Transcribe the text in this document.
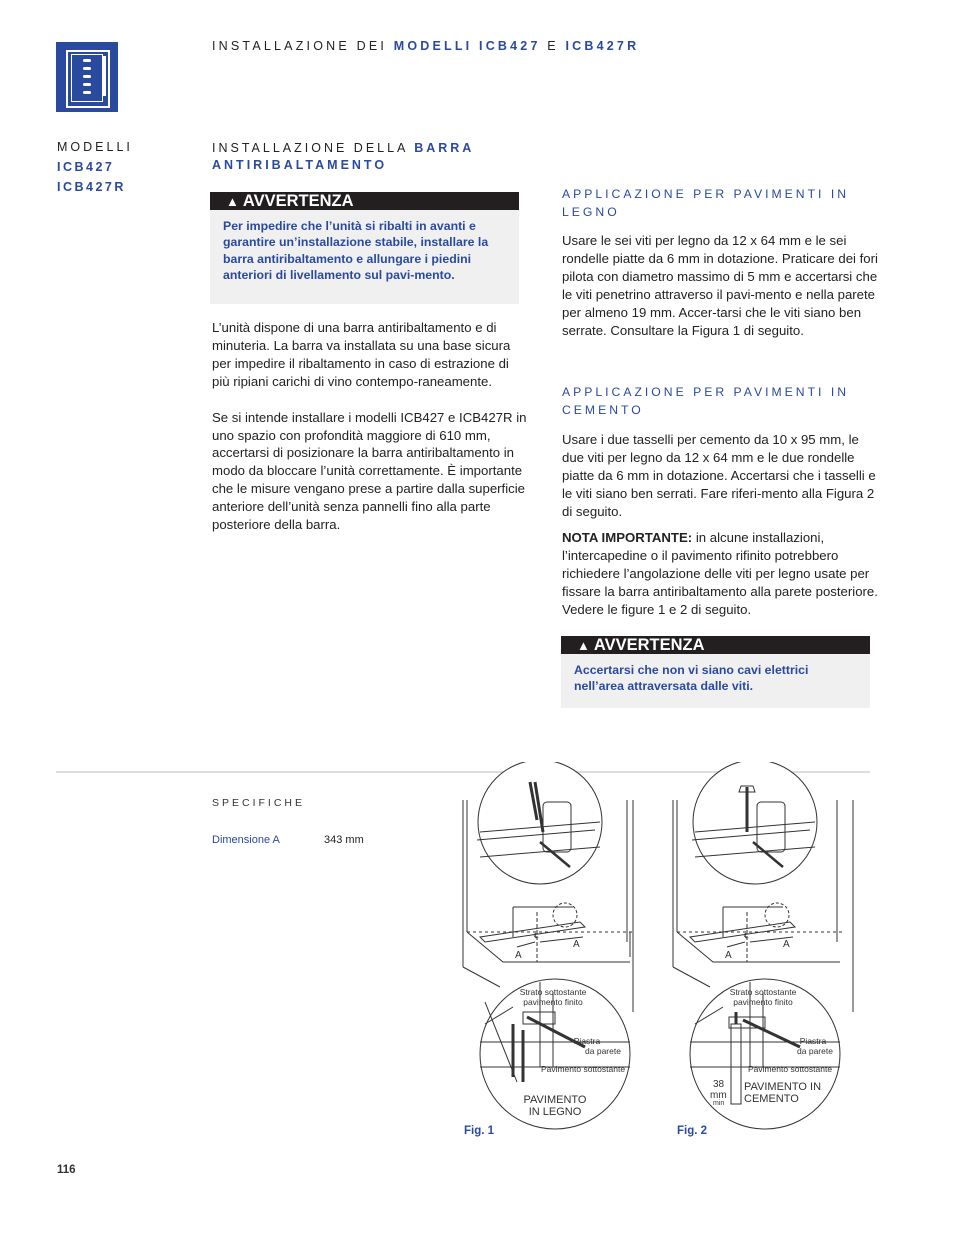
INSTALLAZIONE DEI MODELLI ICB427 E ICB427R
MODELLI
ICB427
ICB427R
INSTALLAZIONE DELLA BARRA
ANTIRIBALTAMENTO
▲ AVVERTENZA
Per impedire che l’unità si ribalti in avanti e garantire un’installazione stabile, installare la barra antiribaltamento e allungare i piedini anteriori di livellamento sul pavi-mento.

L’unità dispone di una barra antiribaltamento e di minuteria. La barra va installata su una base sicura per impedire il ribaltamento in caso di estrazione di più ripiani carichi di vino contempo-raneamente.

Se si intende installare i modelli ICB427 e ICB427R in uno spazio con profondità maggiore di 610 mm, accertarsi di posizionare la barra antiribaltamento in modo da bloccare l’unità correttamente. È importante che le misure vengano prese a partire dalla superficie anteriore dell’unità senza pannelli fino alla parte posteriore della barra.

APPLICAZIONE PER PAVIMENTI IN LEGNO
Usare le sei viti per legno da 12 x 64 mm e le sei rondelle piatte da 6 mm in dotazione. Praticare dei fori pilota con diametro massimo di 5 mm e accertarsi che le viti penetrino attraverso il pavi-mento e nella parete per almeno 19 mm. Accer-tarsi che le viti siano ben serrate. Consultare la Figura 1 di seguito.
APPLICAZIONE PER PAVIMENTI IN CEMENTO
Usare i due tasselli per cemento da 10 x 95 mm, le due viti per legno da 12 x 64 mm e le due rondelle piatte da 6 mm in dotazione. Accertarsi che i tasselli e le viti siano ben serrati. Fare riferi-mento alla Figura 2 di seguito.
NOTA IMPORTANTE: in alcune installazioni, l’intercapedine o il pavimento rifinito potrebbero richiedere l’angolazione delle viti per legno usate per fissare la barra antiribaltamento alla parete posteriore. Vedere le figure 1 e 2 di seguito.
▲ AVVERTENZA
Accertarsi che non vi siano cavi elettrici nell’area attraversata dalle viti.
SPECIFICHE
Dimensione A	343 mm
A
A
℄
Strato sottostante
pavimento finito
Piastra
da parete
Pavimento sottostante
PAVIMENTO
IN LEGNO
Fig. 1
A
A
℄
Strato sottostante
pavimento finito
Piastra
da parete
Pavimento sottostante
PAVIMENTO IN
CEMENTO
38
mm
min
Fig. 2
116
